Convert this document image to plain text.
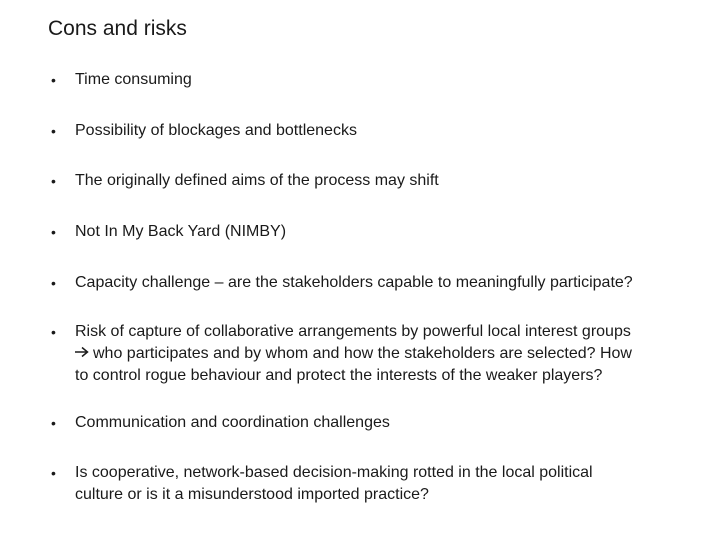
Cons and risks
• Time consuming
• Possibility of blockages and bottlenecks
• The originally defined aims of the process may shift
• Not In My Back Yard (NIMBY)
• Capacity challenge – are the stakeholders capable to meaningfully participate?
• Risk of capture of collaborative arrangements by powerful local interest groups
who participates and by whom and how the stakeholders are selected? How
to control rogue behaviour and protect the interests of the weaker players?
• Communication and coordination challenges
• Is cooperative, network-based decision-making rotted in the local political
culture or is it a misunderstood imported practice?
